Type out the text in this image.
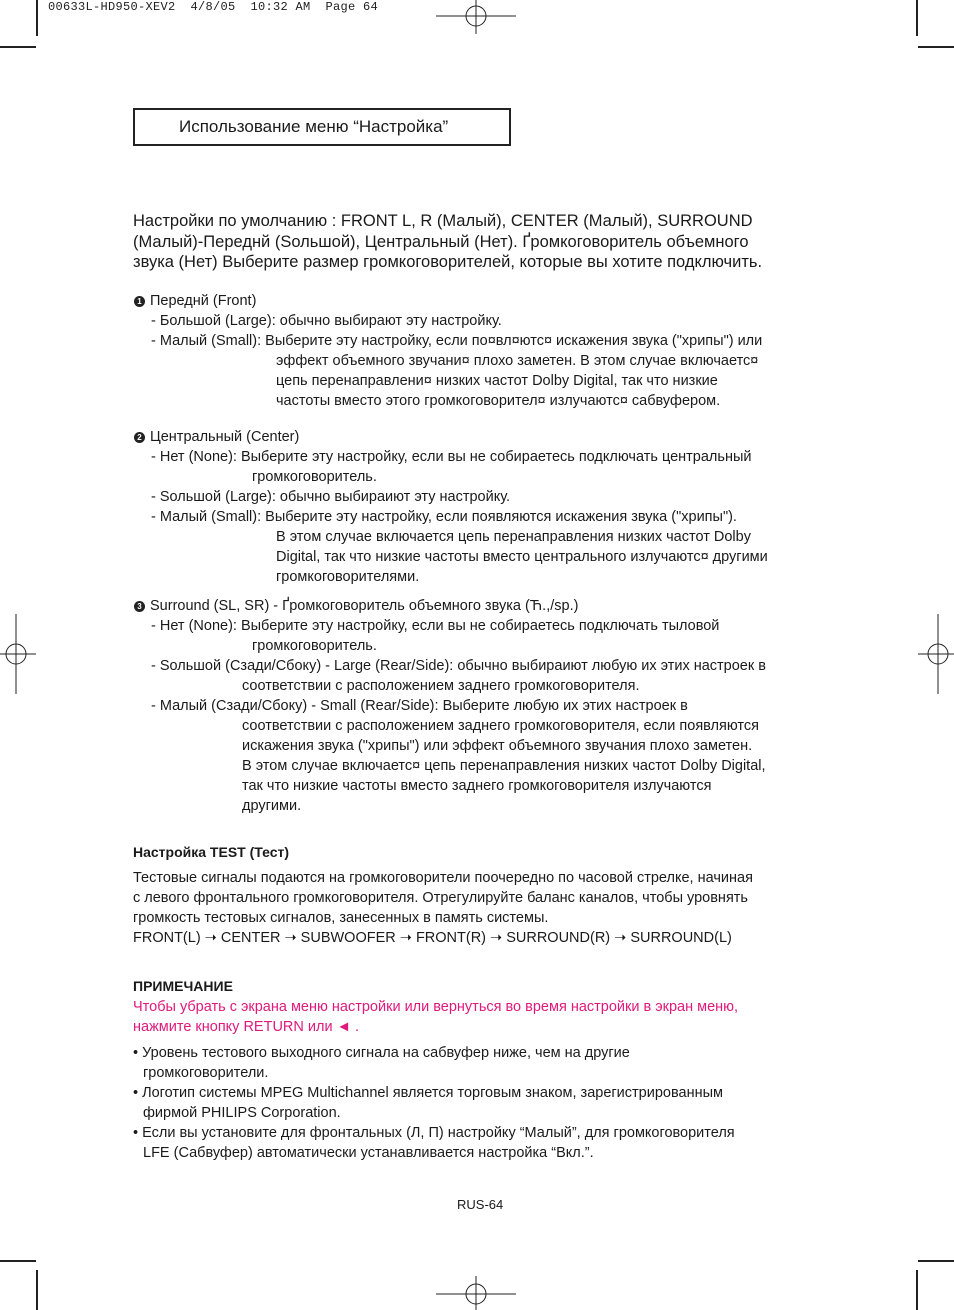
00633L-HD950-XEV2  4/8/05  10:32 AM  Page 64
Использование меню “Настройка”
Настройки по умолчанию : FRONT L, R (Малый), CENTER (Малый), SURROUND
(Малый)-Переднй (Sольшой), Центральный (Нет). Ґромкоговоритель объемного
звука (Нет) Выберите размер громкоговорителей, которые вы хотите подключить.
1 Переднй (Front)
- Большой (Large): обычно выбирают эту настройку.
- Малый (Small): Выберите эту настройку, если по¤вл¤ютс¤ искажения звука ("хрипы") или
эффект объемного звучани¤ плохо заметен. В этом случае включаетс¤
цепь перенаправлени¤ низких частот Dolby Digital, так что низкие
частоты вместо этого громкоговорител¤ излучаютс¤ сабвуфером.
2 Центральный (Center)
- Нет (None): Выберите эту настройку, если вы не собираетесь подключать центральный
громкоговоритель.
- Sольшой (Large): обычно выбираиют эту настройку.
- Малый (Small): Выберите эту настройку, если появляются искажения звука ("хрипы").
В этом случае включается цепь перенаправления низких частот Dolby
Digital, так что низкие частоты вместо центрального излучаютс¤ другими
громкоговорителями.
3 Surround (SL, SR) - Ґромкоговоритель объемного звука (Ћ.,/sp.)
- Нет (None): Выберите эту настройку, если вы не собираетесь подключать тыловой
громкоговоритель.
- Sольшой (Сзади/Сбоку) - Large (Rear/Side): обычно выбираиют любую их этих настроек в
соответствии с расположением заднего громкоговорителя.
- Малый (Сзади/Сбоку) - Small (Rear/Side): Выберите любую их этих настроек в
соответствии с расположением заднего громкоговорителя, если появляются
искажения звука ("хрипы") или эффект объемного звучания плохо заметен.
В этом случае включаетс¤ цепь перенаправления низких частот Dolby Digital,
так что низкие частоты вместо заднего громкоговорителя излучаются
другими.
Настройка TEST (Тест)
Тестовые сигналы подаются на громкоговорители поочередно по часовой стрелке, начиная
с левого фронтального громкоговорителя. Отрегулируйте баланс каналов, чтобы уровнять
громкость тестовых сигналов, занесенных в память системы.
FRONT(L) ➝ CENTER ➝ SUBWOOFER ➝ FRONT(R) ➝ SURROUND(R) ➝ SURROUND(L)
ПРИМЕЧАНИЕ
Чтобы убрать с экрана меню настройки или вернуться во время настройки в экран меню,
нажмите кнопку RETURN или ◄ .
• Уровень тестового выходного сигнала на сабвуфер ниже, чем на другие
громкоговорители.
• Логотип системы MPEG Multichannel является торговым знаком, зарегистрированным
фирмой PHILIPS Corporation.
• Если вы установите для фронтальных (Л, П) настройку “Малый”, для громкоговорителя
LFE (Сабвуфер) автоматически устанавливается настройка “Вкл.”.
RUS-64
